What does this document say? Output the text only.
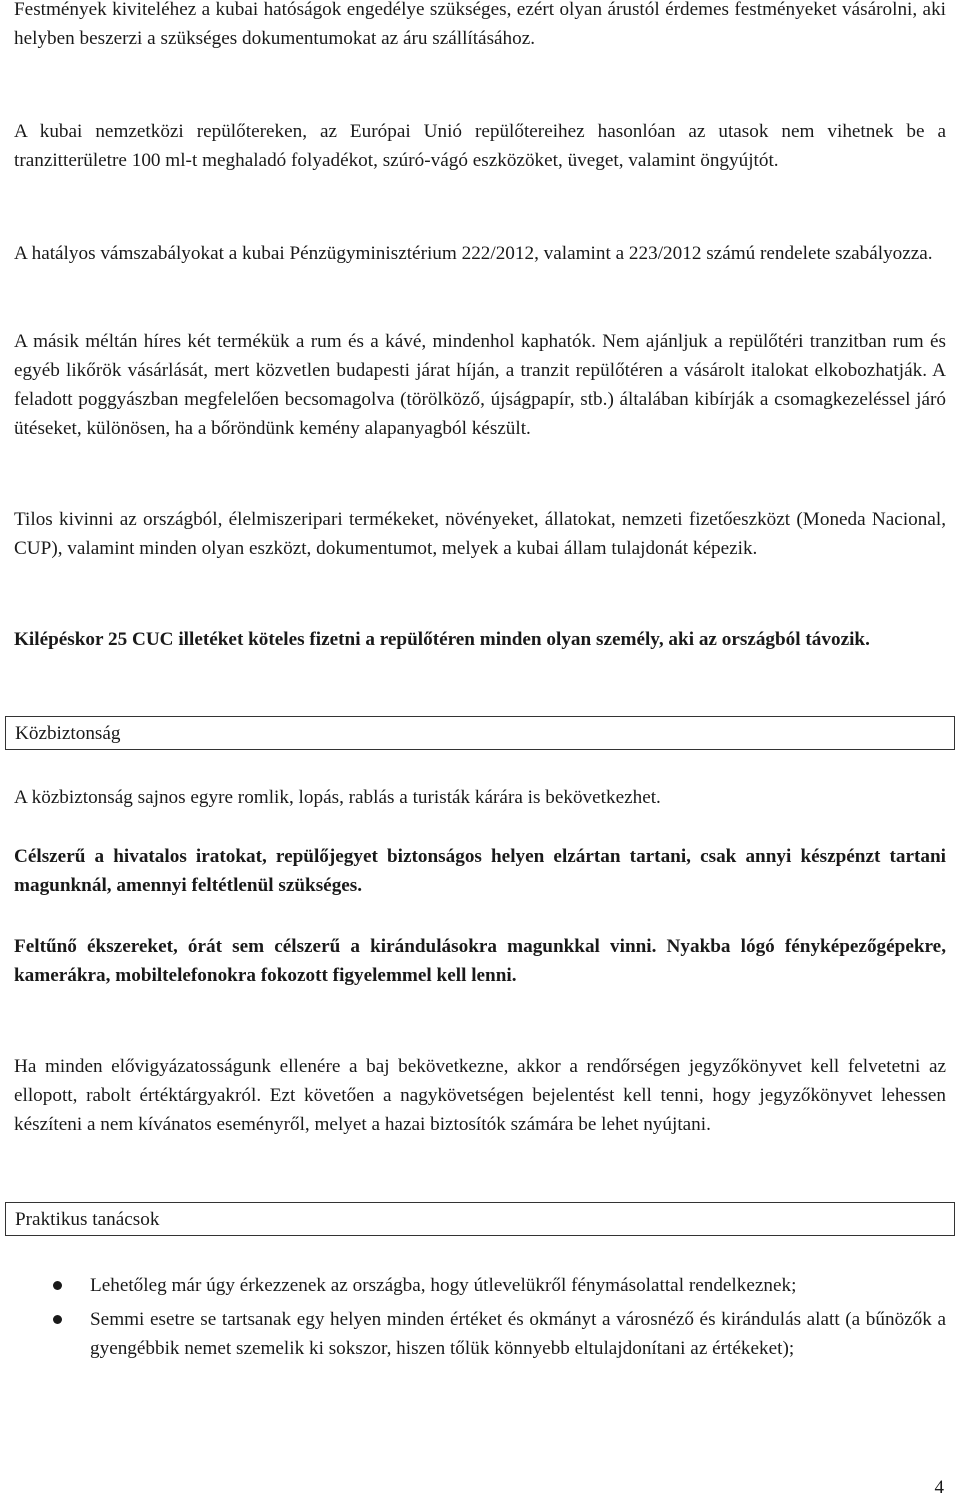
Festmények kiviteléhez a kubai hatóságok engedélye szükséges, ezért olyan árustól érdemes festményeket vásárolni, aki helyben beszerzi a szükséges dokumentumokat az áru szállításához.

A kubai nemzetközi repülőtereken, az Európai Unió repülőtereihez hasonlóan az utasok nem vihetnek be a tranzitterületre 100 ml-t meghaladó folyadékot, szúró-vágó eszközöket, üveget, valamint öngyújtót.

A hatályos vámszabályokat a kubai Pénzügyminisztérium 222/2012, valamint a 223/2012 számú rendelete szabályozza.

A másik méltán híres két termékük a rum és a kávé, mindenhol kaphatók. Nem ajánljuk a repülőtéri tranzitban rum és egyéb likőrök vásárlását, mert közvetlen budapesti járat híján, a tranzit repülőtéren a vásárolt italokat elkobozhatják. A feladott poggyászban megfelelően becsomagolva (törölköző, újságpapír, stb.) általában kibírják a csomagkezeléssel járó ütéseket, különösen, ha a bőröndünk kemény alapanyagból készült.

Tilos kivinni az országból, élelmiszeripari termékeket, növényeket, állatokat, nemzeti fizetőeszközt (Moneda Nacional, CUP), valamint minden olyan eszközt, dokumentumot, melyek a kubai állam tulajdonát képezik.

Kilépéskor 25 CUC illetéket köteles fizetni a repülőtéren minden olyan személy, aki az országból távozik.

Közbiztonság

A közbiztonság sajnos egyre romlik, lopás, rablás a turisták kárára is bekövetkezhet.

Célszerű a hivatalos iratokat, repülőjegyet biztonságos helyen elzártan tartani, csak annyi készpénzt tartani magunknál, amennyi feltétlenül szükséges.

Feltűnő ékszereket, órát sem célszerű a kirándulásokra magunkkal vinni. Nyakba lógó fényképezőgépekre, kamerákra, mobiltelefonokra fokozott figyelemmel kell lenni.

Ha minden elővigyázatosságunk ellenére a baj bekövetkezne, akkor a rendőrségen jegyzőkönyvet kell felvetetni az ellopott, rabolt értéktárgyakról. Ezt követően a nagykövetségen bejelentést kell tenni, hogy jegyzőkönyvet lehessen készíteni a nem kívánatos eseményről, melyet a hazai biztosítók számára be lehet nyújtani.

Praktikus tanácsok
Lehetőleg már úgy érkezzenek az országba, hogy útlevelükről fénymásolattal rendelkeznek;
Semmi esetre se tartsanak egy helyen minden értéket és okmányt a városnéző és kirándulás alatt (a bűnözők a gyengébbik nemet szemelik ki sokszor, hiszen tőlük könnyebb eltulajdonítani az értékeket);
4
